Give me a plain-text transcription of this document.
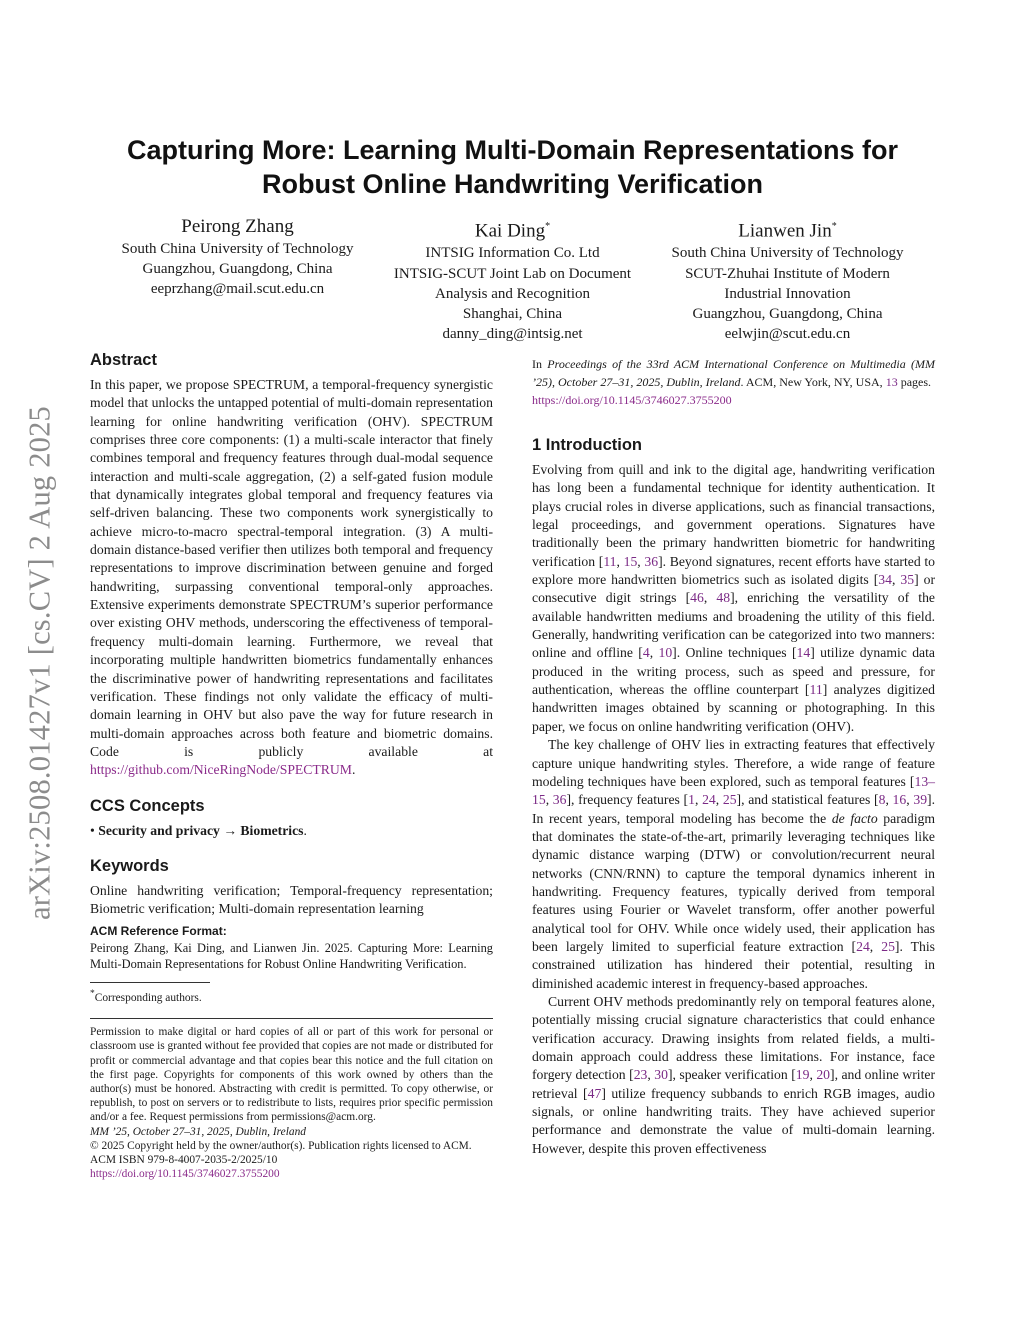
arXiv:2508.01427v1 [cs.CV] 2 Aug 2025
Capturing More: Learning Multi-Domain Representations for Robust Online Handwriting Verification
Peirong Zhang
South China University of Technology
Guangzhou, Guangdong, China
eeprzhang@mail.scut.edu.cn
Kai Ding*
INTSIG Information Co. Ltd
INTSIG-SCUT Joint Lab on Document
Analysis and Recognition
Shanghai, China
danny_ding@intsig.net
Lianwen Jin*
South China University of Technology
SCUT-Zhuhai Institute of Modern
Industrial Innovation
Guangzhou, Guangdong, China
eelwjin@scut.edu.cn
Abstract

In this paper, we propose SPECTRUM, a temporal-frequency synergistic model that unlocks the untapped potential of multi-domain representation learning for online handwriting verification (OHV). SPECTRUM comprises three core components: (1) a multi-scale interactor that finely combines temporal and frequency features through dual-modal sequence interaction and multi-scale aggregation, (2) a self-gated fusion module that dynamically integrates global temporal and frequency features via self-driven balancing. These two components work synergistically to achieve micro-to-macro spectral-temporal integration. (3) A multi-domain distance-based verifier then utilizes both temporal and frequency representations to improve discrimination between genuine and forged handwriting, surpassing conventional temporal-only approaches. Extensive experiments demonstrate SPECTRUM’s superior performance over existing OHV methods, underscoring the effectiveness of temporal-frequency multi-domain learning. Furthermore, we reveal that incorporating multiple handwritten biometrics fundamentally enhances the discriminative power of handwriting representations and facilitates verification. These findings not only validate the efficacy of multi-domain learning in OHV but also pave the way for future research in multi-domain approaches across both feature and biometric domains. Code is publicly available at https://github.com/NiceRingNode/SPECTRUM.

CCS Concepts

• Security and privacy → Biometrics.

Keywords

Online handwriting verification; Temporal-frequency representation; Biometric verification; Multi-domain representation learning

ACM Reference Format:

Peirong Zhang, Kai Ding, and Lianwen Jin. 2025. Capturing More: Learning Multi-Domain Representations for Robust Online Handwriting Verification.

*Corresponding authors.

Permission to make digital or hard copies of all or part of this work for personal or classroom use is granted without fee provided that copies are not made or distributed for profit or commercial advantage and that copies bear this notice and the full citation on the first page. Copyrights for components of this work owned by others than the author(s) must be honored. Abstracting with credit is permitted. To copy otherwise, or republish, to post on servers or to redistribute to lists, requires prior specific permission and/or a fee. Request permissions from permissions@acm.org.

MM ’25, October 27–31, 2025, Dublin, Ireland

© 2025 Copyright held by the owner/author(s). Publication rights licensed to ACM.

ACM ISBN 979-8-4007-2035-2/2025/10

https://doi.org/10.1145/3746027.3755200

In Proceedings of the 33rd ACM International Conference on Multimedia (MM ’25), October 27–31, 2025, Dublin, Ireland. ACM, New York, NY, USA, 13 pages.
https://doi.org/10.1145/3746027.3755200

1 Introduction

Evolving from quill and ink to the digital age, handwriting verification has long been a fundamental technique for identity authentication. It plays crucial roles in diverse applications, such as financial transactions, legal proceedings, and government operations. Signatures have traditionally been the primary handwritten biometric for handwriting verification [11, 15, 36]. Beyond signatures, recent efforts have started to explore more handwritten biometrics such as isolated digits [34, 35] or consecutive digit strings [46, 48], enriching the versatility of the available handwritten mediums and broadening the utility of this field. Generally, handwriting verification can be categorized into two manners: online and offline [4, 10]. Online techniques [14] utilize dynamic data produced in the writing process, such as speed and pressure, for authentication, whereas the offline counterpart [11] analyzes digitized handwritten images obtained by scanning or photographing. In this paper, we focus on online handwriting verification (OHV).

The key challenge of OHV lies in extracting features that effectively capture unique handwriting styles. Therefore, a wide range of feature modeling techniques have been explored, such as temporal features [13–15, 36], frequency features [1, 24, 25], and statistical features [8, 16, 39]. In recent years, temporal modeling has become the de facto paradigm that dominates the state-of-the-art, primarily leveraging techniques like dynamic distance warping (DTW) or convolution/recurrent neural networks (CNN/RNN) to capture the temporal dynamics inherent in handwriting. Frequency features, typically derived from temporal features using Fourier or Wavelet transform, offer another powerful analytical tool for OHV. While once widely used, their application has been largely limited to superficial feature extraction [24, 25]. This constrained utilization has hindered their potential, resulting in diminished academic interest in frequency-based approaches.

Current OHV methods predominantly rely on temporal features alone, potentially missing crucial signature characteristics that could enhance verification accuracy. Drawing insights from related fields, a multi-domain approach could address these limitations. For instance, face forgery detection [23, 30], speaker verification [19, 20], and online writer retrieval [47] utilize frequency subbands to enrich RGB images, audio signals, or online handwriting traits. They have achieved superior performance and demonstrate the value of multi-domain learning. However, despite this proven effectiveness
